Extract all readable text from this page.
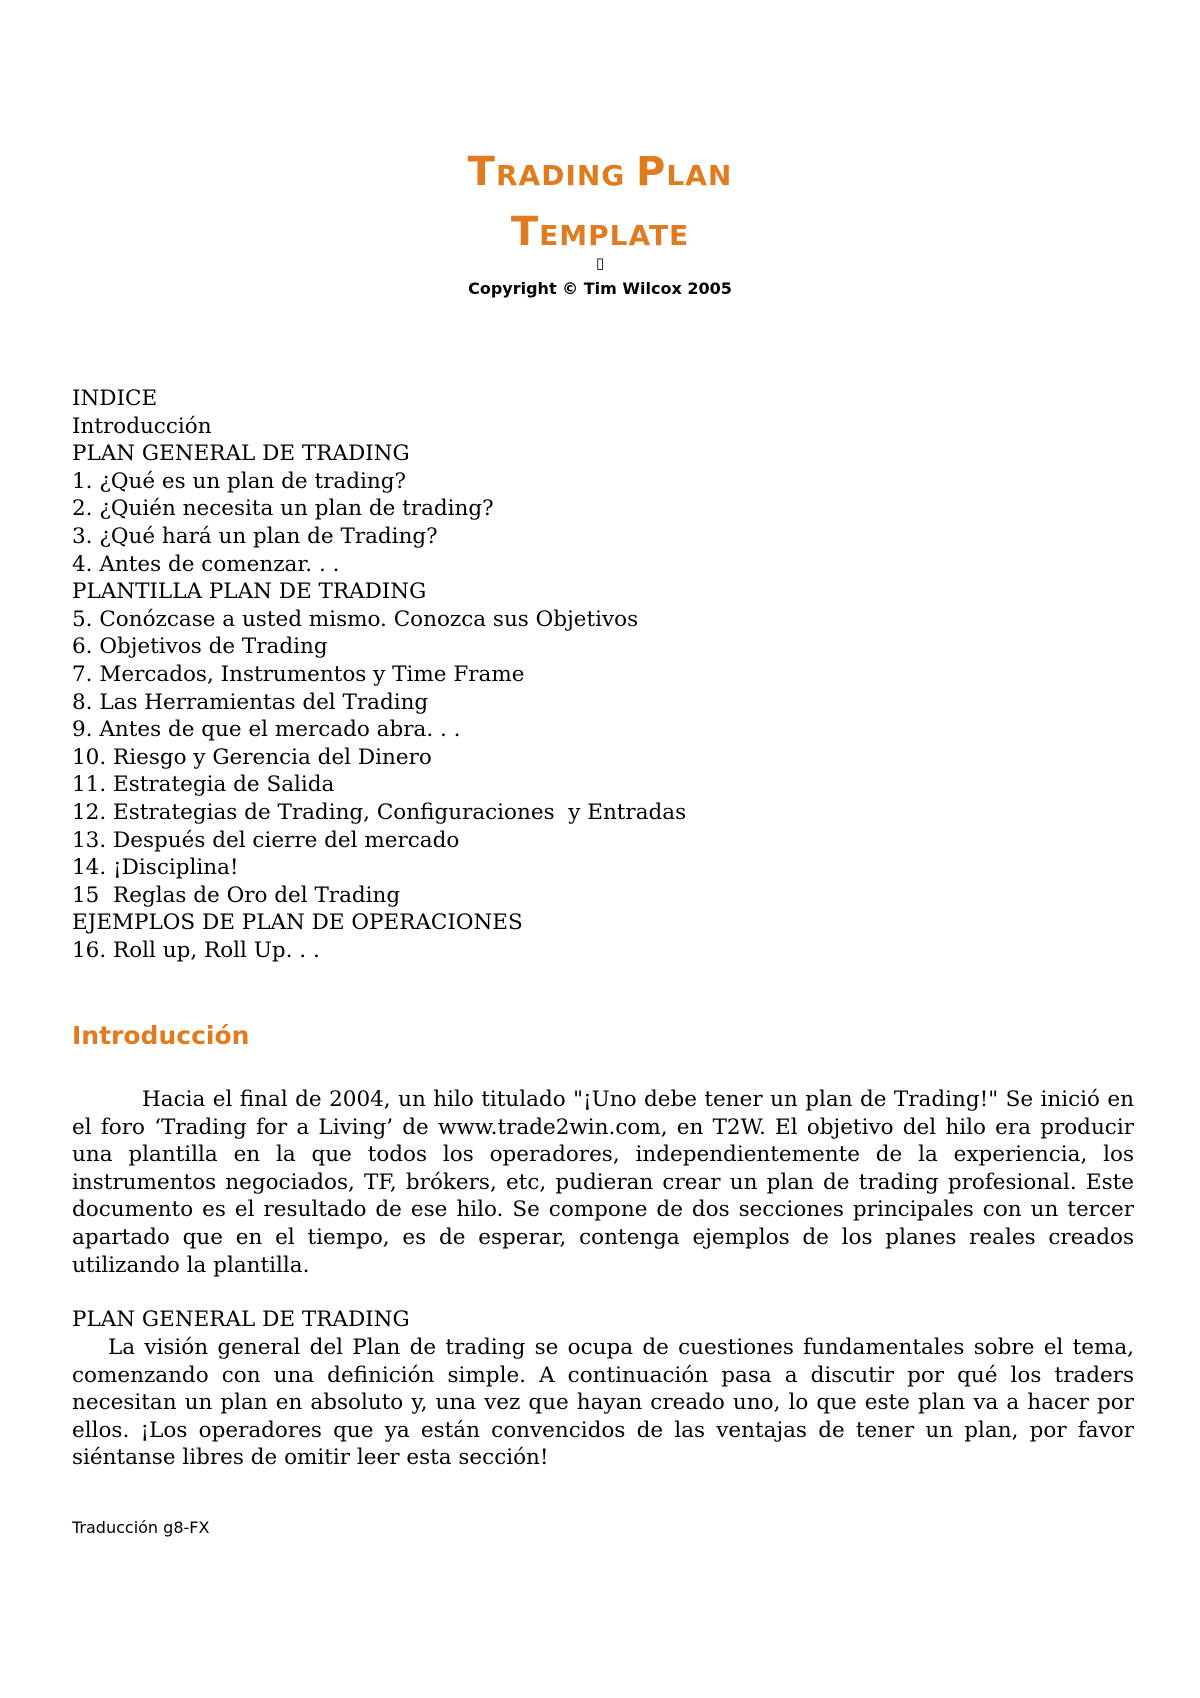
TRADING PLAN
TEMPLATE
▯
Copyright © Tim Wilcox 2005
INDICE
Introducción
PLAN GENERAL DE TRADING
1. ¿Qué es un plan de trading?
2. ¿Quién necesita un plan de trading?
3. ¿Qué hará un plan de Trading?
4. Antes de comenzar. . .
PLANTILLA PLAN DE TRADING
5. Conózcase a usted mismo. Conozca sus Objetivos
6. Objetivos de Trading
7. Mercados, Instrumentos y Time Frame
8. Las Herramientas del Trading
9. Antes de que el mercado abra. . .
10. Riesgo y Gerencia del Dinero
11. Estrategia de Salida
12. Estrategias de Trading, Configuraciones  y Entradas
13. Después del cierre del mercado
14. ¡Disciplina!
15  Reglas de Oro del Trading
EJEMPLOS DE PLAN DE OPERACIONES
16. Roll up, Roll Up. . .
Introducción

Hacia el final de 2004, un hilo titulado "¡Uno debe tener un plan de Trading!" Se inició en el foro ‘Trading for a Living’ de www.trade2win.com, en T2W. El objetivo del hilo era producir una plantilla en la que todos los operadores, independientemente de la experiencia, los instrumentos negociados, TF, brókers, etc, pudieran crear un plan de trading profesional. Este documento es el resultado de ese hilo. Se compone de dos secciones principales con un tercer apartado que en el tiempo, es de esperar, contenga ejemplos de los planes reales creados utilizando la plantilla.

PLAN GENERAL DE TRADING

La visión general del Plan de trading se ocupa de cuestiones fundamentales sobre el tema, comenzando con una definición simple. A continuación pasa a discutir por qué los traders necesitan un plan en absoluto y, una vez que hayan creado uno, lo que este plan va a hacer por ellos. ¡Los operadores que ya están convencidos de las ventajas de tener un plan, por favor siéntanse libres de omitir leer esta sección!

Traducción g8-FX
